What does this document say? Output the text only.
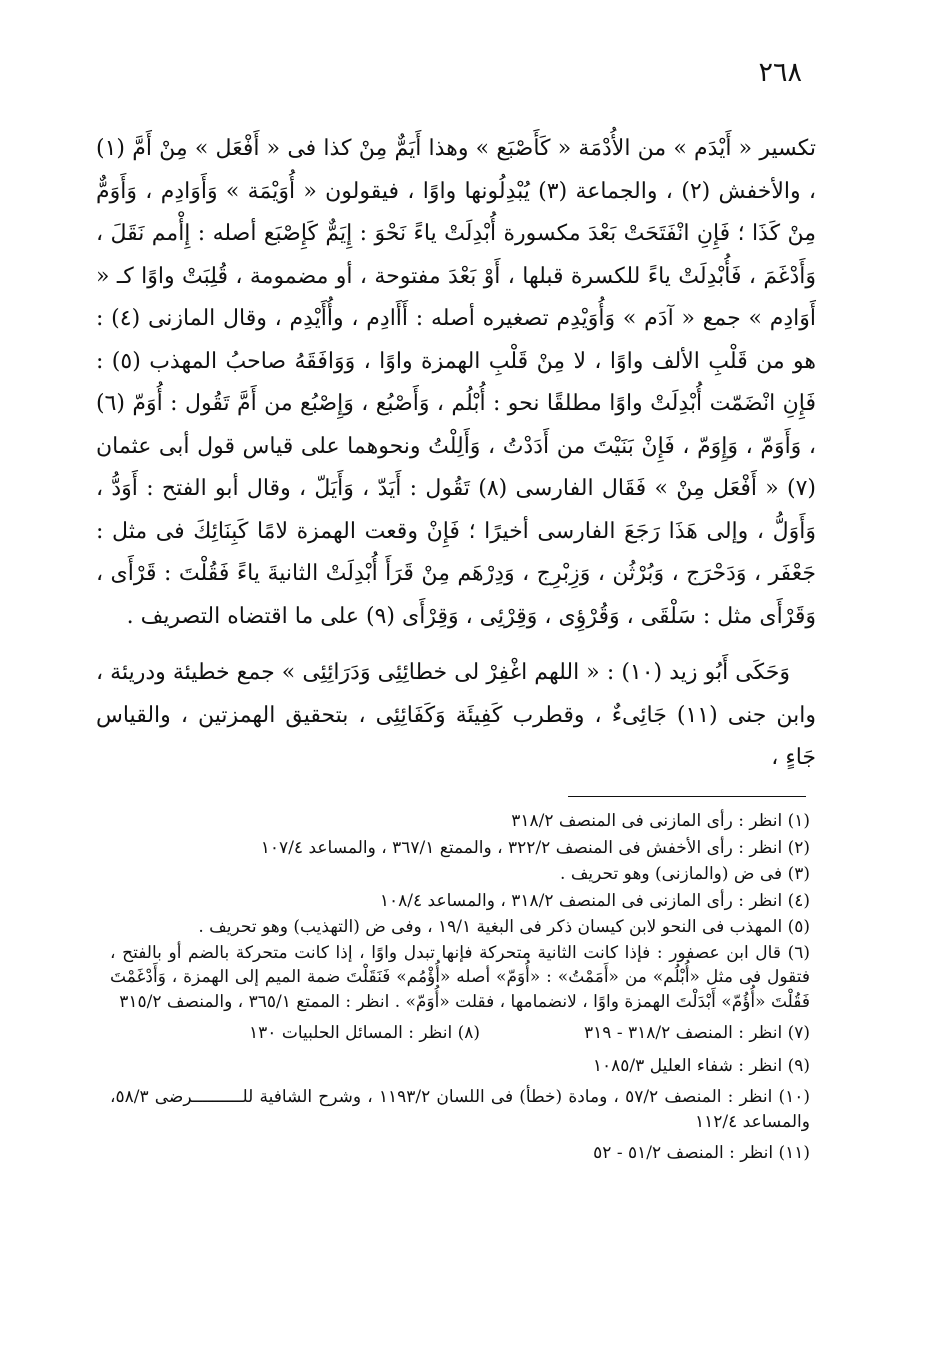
٢٦٨

تكسير « أَيْدَم » من الأُدْمَة « كَأَصْبَع » وهذا أَيَمٌّ مِنْ كذا فى « أَفْعَل » مِنْ أَمَّ (١) ، والأخفش (٢) ، والجماعة (٣) يُبْدِلُونها واوًا ، فيقولون « أُوَيْمَة » وَأَوَادِم ، وَأَوَمٌّ مِنْ كَذَا ؛ فَإِنِ انْفَتَحَتْ بَعْدَ مكسورة أُبْدِلَتْ ياءً نَحْوَ : إِيَمٌّ كَإِصْبَع أصله : إِأْمم نَقَلَ ، وَأَدْغَمَ ، فَأُبْدِلَتْ ياءً للكسرة قبلها ، أَوْ بَعْدَ مفتوحة ، أو مضمومة ، قُلِبَتْ واوًا كـ « أَوَادِم » جمع « آدَم » وَأُوَيْدِم تصغيره أصله : أَأَادِم ، وأُأَيْدِم ، وقال المازنى (٤) : هو من قَلْبِ الألف واوًا ، لا مِنْ قَلْبِ الهمزة واوًا ، وَوَافَقَهُ صاحبُ المهذب (٥) : فَإِنِ انْضَمّت أُبْدِلَتْ واوًا مطلقًا نحو : أُبْلُم ، وَأَصْبُع ، وَإِصْبُع من أَمَّ تَقُول : أُوَمّ (٦) ، وَأَوَمّ ، وَإِوَمّ ، فَإِنْ بَنَيْتَ من أَدَدْتُ ، وَأَلِلْتُ ونحوهما على قياس قول أبى عثمان (٧) « أَفْعَل مِنْ » فَقَال الفارسى (٨) تَقُول : أَيَدّ ، وَأَيَلّ ، وقال أبو الفتح : أَوَدُّ ، وَأَوَلُّ ، وإلى هَذَا رَجَعَ الفارسى أخيرًا ؛ فَإِنْ وقعت الهمزة لامًا كَبِنَائِكَ فى مثل : جَعْفَر ، وَدَحْرَج ، وَبُرْثُن ، وَزِبْرِج ، وَدِرْهَم مِنْ قَرَأَ أُبْدِلَتْ الثانيةَ ياءً فَقُلْتَ : قَرْأَى ، وَقَرْأَى مثل : سَلْقَى ، وَقُرْؤِى ، وَقِرْئِى ، وَقِرْأَى (٩) على ما اقتضاه التصريف .

وَحَكَى أَبُو زيد (١٠) : « اللهم اغْفِرْ لى خطائِئِى وَدَرَائِئِى » جمع خطيئة ودريئة ، وابن جنى (١١) جَائِىءٌ ، وقطرب كَفِيئَة وَكَفَائِئِى ، بتحقيق الهمزتين ، والقياس جَاءٍ ،

(١) انظر : رأى المازنى فى المنصف ٣١٨/٢

(٢) انظر : رأى الأخفش فى المنصف ٣٢٢/٢ ، والممتع ٣٦٧/١ ، والمساعد ١٠٧/٤

(٣) فى ض (والمازنى) وهو تحريف .

(٤) انظر : رأى المازنى فى المنصف ٣١٨/٢ ، والمساعد ١٠٨/٤

(٥) المهذب فى النحو لابن كيسان ذكر فى البغية ١٩/١ ، وفى ض (التهذيب) وهو تحريف .

(٦) قال ابن عصفور : فإذا كانت الثانية متحركة فإنها تبدل واوًا ، إذا كانت متحركة بالضم أو بالفتح ، فتقول فى مثل «أُبْلُم» من «أَمَمْتُ» : «أُوَمّ» أصله «أُؤْمُم» فَنَقَلْتَ ضمة الميم إلى الهمزة ، وَأَدْغَمْتَ فَقُلْتَ «أُؤُمّ» أَبْدَلْتَ الهمزة واوًا ، لانضمامها ، فقلت «أُوَمّ» . انظر : الممتع ٣٦٥/١ ، والمنصف ٣١٥/٢

(٧) انظر : المنصف ٣١٨/٢ - ٣١٩
(٨) انظر : المسائل الحلبيات ١٣٠

(٩) انظر : شفاء العليل ١٠٨٥/٣

(١٠) انظر : المنصف ٥٧/٢ ، ومادة (خطأ) فى اللسان ١١٩٣/٢ ، وشرح الشافية للــــــــــرضى ٥٨/٣، والمساعد ١١٢/٤

(١١) انظر : المنصف ٥١/٢ - ٥٢
